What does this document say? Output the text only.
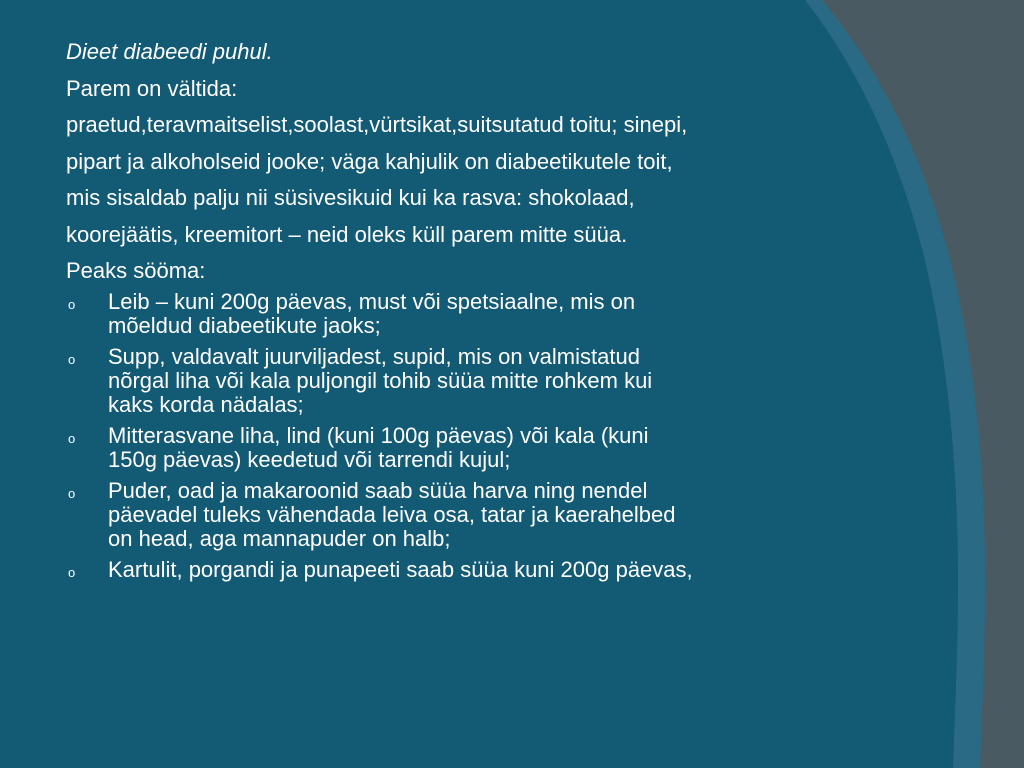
Dieet diabeedi puhul.
Parem on vältida:
praetud,teravmaitselist,soolast,vürtsikat,suitsutatud toitu; sinepi,
pipart ja alkoholseid jooke; väga kahjulik on diabeetikutele toit,
mis sisaldab palju nii süsivesikuid kui ka rasva: shokolaad,
koorejäätis, kreemitort – neid oleks küll parem mitte süüa.
Peaks sööma:
o Leib – kuni 200g päevas, must või spetsiaalne, mis on
mõeldud diabeetikute jaoks;
o Supp, valdavalt juurviljadest, supid, mis on valmistatud
nõrgal liha või kala puljongil tohib süüa mitte rohkem kui
kaks korda nädalas;
o Mitterasvane liha, lind (kuni 100g päevas) või kala (kuni
150g päevas) keedetud või tarrendi kujul;
o Puder, oad ja makaroonid saab süüa harva ning nendel
päevadel tuleks vähendada leiva osa, tatar ja kaerahelbed
on head, aga mannapuder on halb;
o Kartulit, porgandi ja punapeeti saab süüa kuni 200g päevas,
